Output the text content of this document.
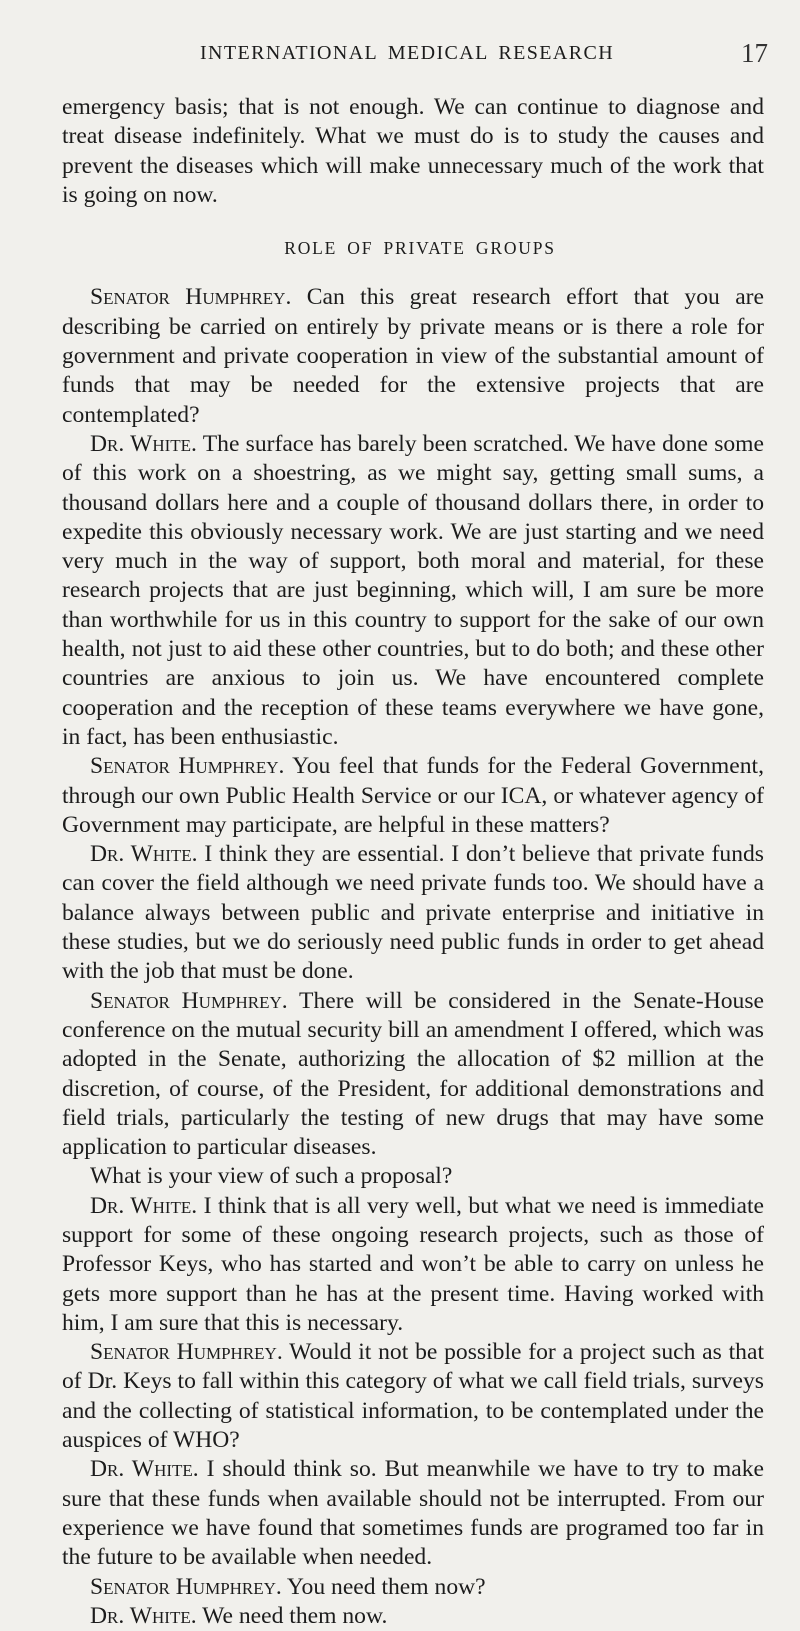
INTERNATIONAL MEDICAL RESEARCH	17

emergency basis; that is not enough. We can continue to diagnose and treat disease indefinitely. What we must do is to study the causes and prevent the diseases which will make unnecessary much of the work that is going on now.

ROLE OF PRIVATE GROUPS

Senator Humphrey. Can this great research effort that you are describing be carried on entirely by private means or is there a role for government and private cooperation in view of the substantial amount of funds that may be needed for the extensive projects that are contemplated?

Dr. White. The surface has barely been scratched. We have done some of this work on a shoestring, as we might say, getting small sums, a thousand dollars here and a couple of thousand dollars there, in order to expedite this obviously necessary work. We are just starting and we need very much in the way of support, both moral and material, for these research projects that are just beginning, which will, I am sure be more than worthwhile for us in this country to support for the sake of our own health, not just to aid these other countries, but to do both; and these other countries are anxious to join us. We have encountered complete cooperation and the reception of these teams everywhere we have gone, in fact, has been enthusiastic.

Senator Humphrey. You feel that funds for the Federal Government, through our own Public Health Service or our ICA, or whatever agency of Government may participate, are helpful in these matters?

Dr. White. I think they are essential. I don’t believe that private funds can cover the field although we need private funds too. We should have a balance always between public and private enterprise and initiative in these studies, but we do seriously need public funds in order to get ahead with the job that must be done.

Senator Humphrey. There will be considered in the Senate-House conference on the mutual security bill an amendment I offered, which was adopted in the Senate, authorizing the allocation of $2 million at the discretion, of course, of the President, for additional demonstrations and field trials, particularly the testing of new drugs that may have some application to particular diseases.

What is your view of such a proposal?

Dr. White. I think that is all very well, but what we need is immediate support for some of these ongoing research projects, such as those of Professor Keys, who has started and won’t be able to carry on unless he gets more support than he has at the present time. Having worked with him, I am sure that this is necessary.

Senator Humphrey. Would it not be possible for a project such as that of Dr. Keys to fall within this category of what we call field trials, surveys and the collecting of statistical information, to be contemplated under the auspices of WHO?

Dr. White. I should think so. But meanwhile we have to try to make sure that these funds when available should not be interrupted. From our experience we have found that sometimes funds are programed too far in the future to be available when needed.

Senator Humphrey. You need them now?

Dr. White. We need them now.
